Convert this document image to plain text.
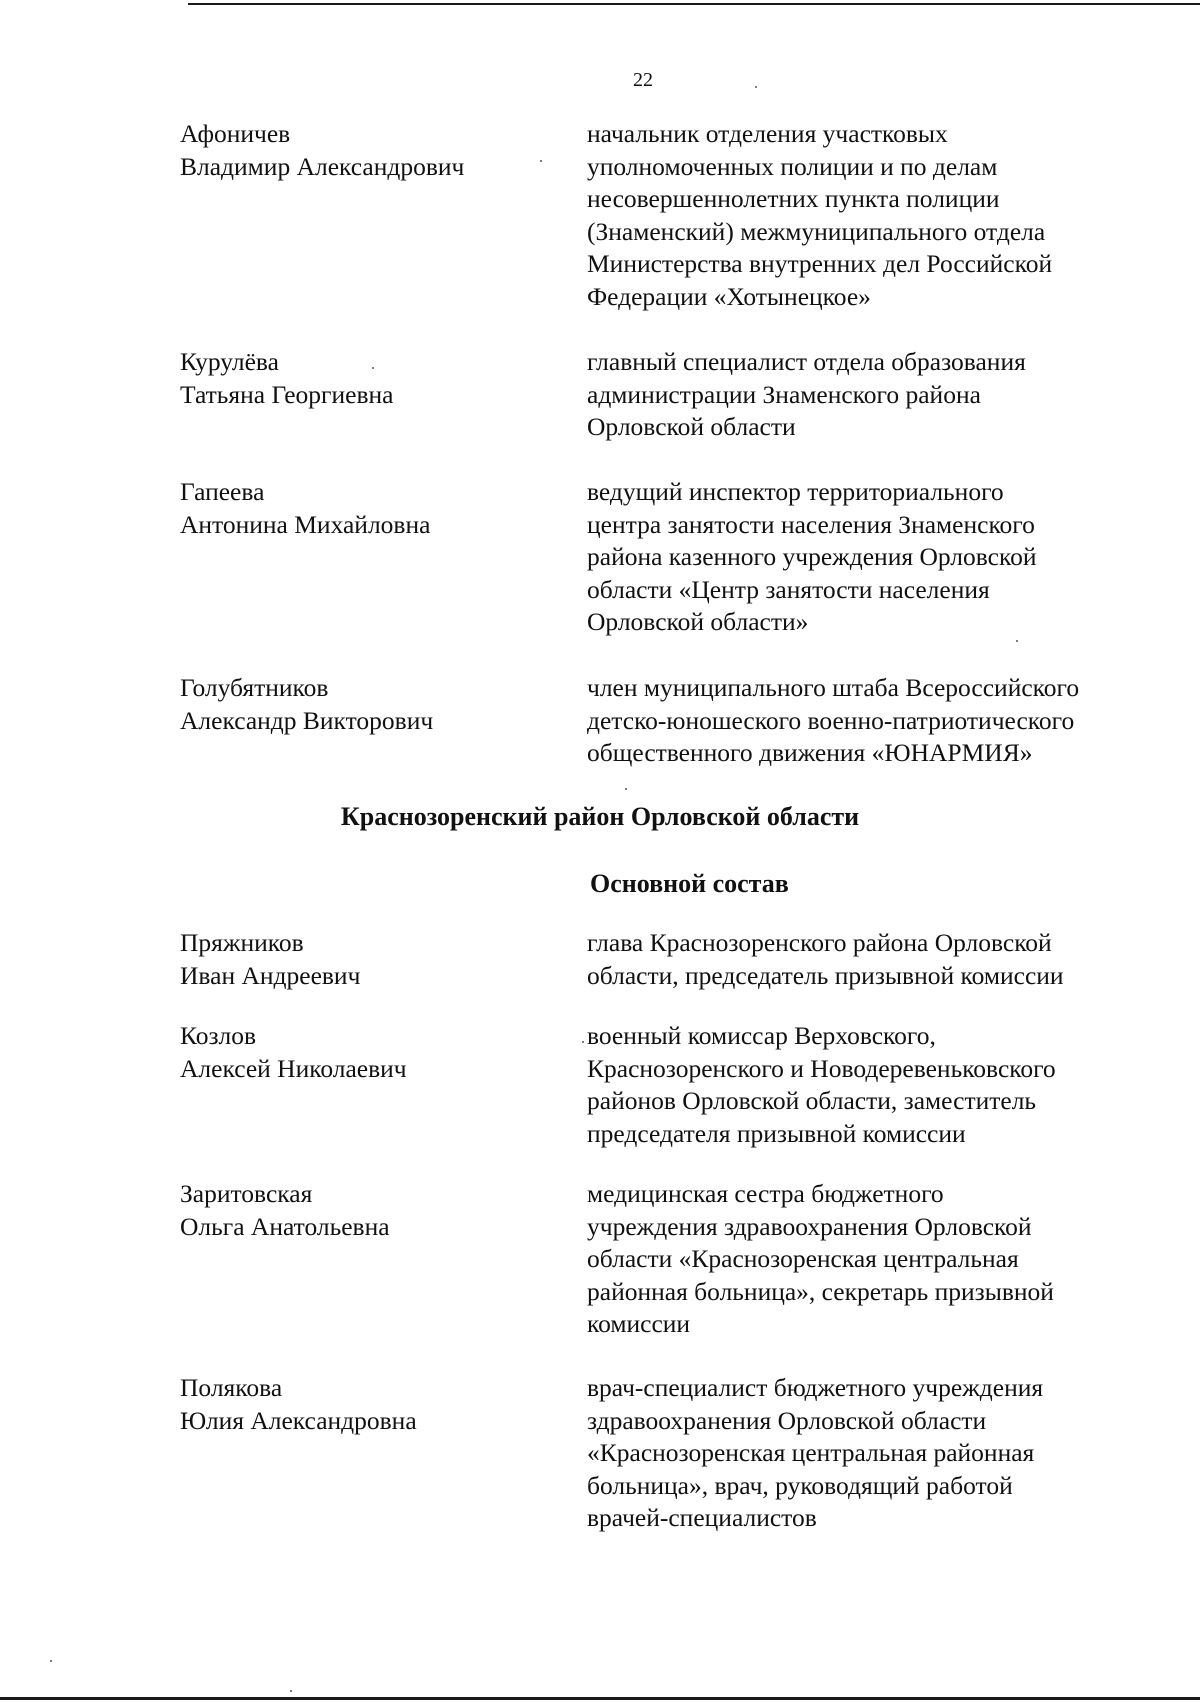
22
Афоничев
Владимир Александрович
начальник отделения участковых
уполномоченных полиции и по делам
несовершеннолетних пункта полиции
(Знаменский) межмуниципального отдела
Министерства внутренних дел Российской
Федерации «Хотынецкое»
Курулёва
Татьяна Георгиевна
главный специалист отдела образования
администрации Знаменского района
Орловской области
Гапеева
Антонина Михайловна
ведущий инспектор территориального
центра занятости населения Знаменского
района казенного учреждения Орловской
области «Центр занятости населения
Орловской области»
Голубятников
Александр Викторович
член муниципального штаба Всероссийского
детско-юношеского военно-патриотического
общественного движения «ЮНАРМИЯ»
Краснозоренский район Орловской области
Основной состав
Пряжников
Иван Андреевич
глава Краснозоренского района Орловской
области, председатель призывной комиссии
Козлов
Алексей Николаевич
военный комиссар Верховского,
Краснозоренского и Новодеревеньковского
районов Орловской области, заместитель
председателя призывной комиссии
Заритовская
Ольга Анатольевна
медицинская сестра бюджетного
учреждения здравоохранения Орловской
области «Краснозоренская центральная
районная больница», секретарь призывной
комиссии
Полякова
Юлия Александровна
врач-специалист бюджетного учреждения
здравоохранения Орловской области
«Краснозоренская центральная районная
больница», врач, руководящий работой
врачей-специалистов
